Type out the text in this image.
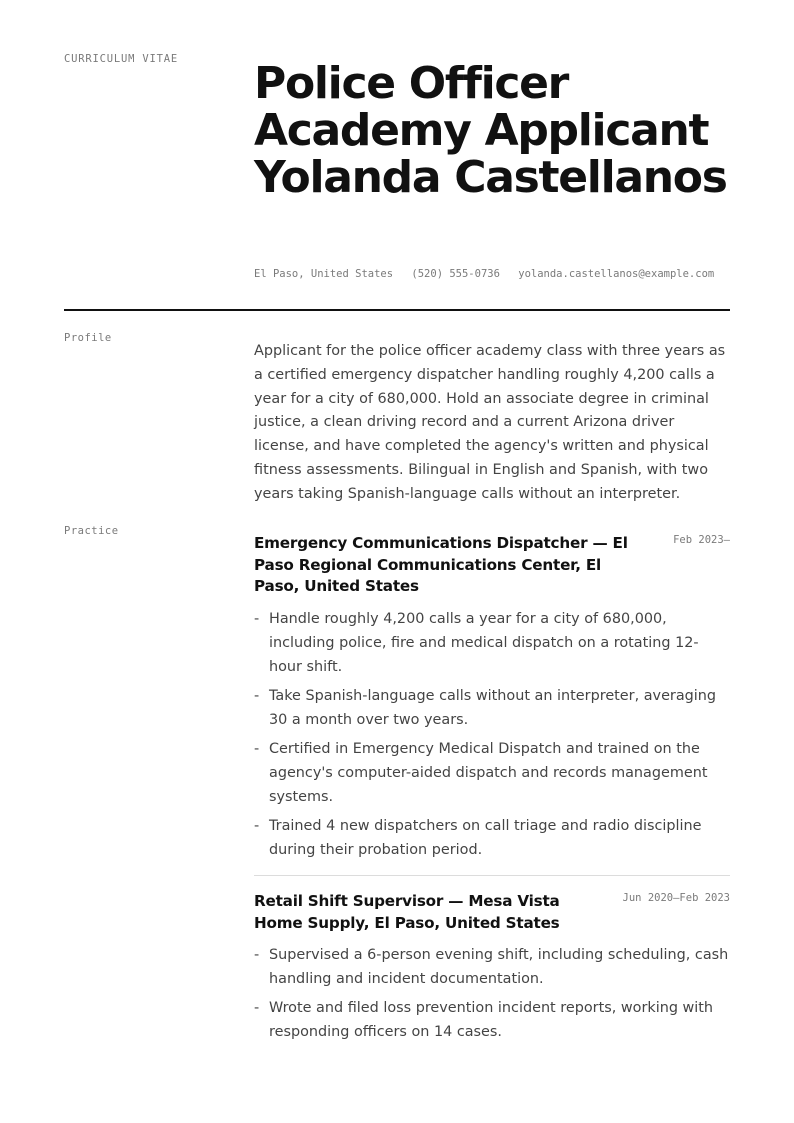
CURRICULUM VITAE Police Officer Academy Applicant Yolanda Castellanos
El Paso, United States (520) 555-0736 yolanda.castellanos@example.com
Profile

Applicant for the police officer academy class with three years as a certified emergency dispatcher handling roughly 4,200 calls a year for a city of 680,000. Hold an associate degree in criminal justice, a clean driving record and a current Arizona driver license, and have completed the agency's written and physical fitness assessments. Bilingual in English and Spanish, with two years taking Spanish-language calls without an interpreter.

Practice
Emergency Communications Dispatcher — El Paso Regional Communications Center, El Paso, United States
Feb 2023–
- Handle roughly 4,200 calls a year for a city of 680,000, including police, fire and medical dispatch on a rotating 12-hour shift.
- Take Spanish-language calls without an interpreter, averaging 30 a month over two years.
- Certified in Emergency Medical Dispatch and trained on the agency's computer-aided dispatch and records management systems.
- Trained 4 new dispatchers on call triage and radio discipline during their probation period.
Retail Shift Supervisor — Mesa Vista Home Supply, El Paso, United States
Jun 2020–Feb 2023
- Supervised a 6-person evening shift, including scheduling, cash handling and incident documentation.
- Wrote and filed loss prevention incident reports, working with responding officers on 14 cases.
